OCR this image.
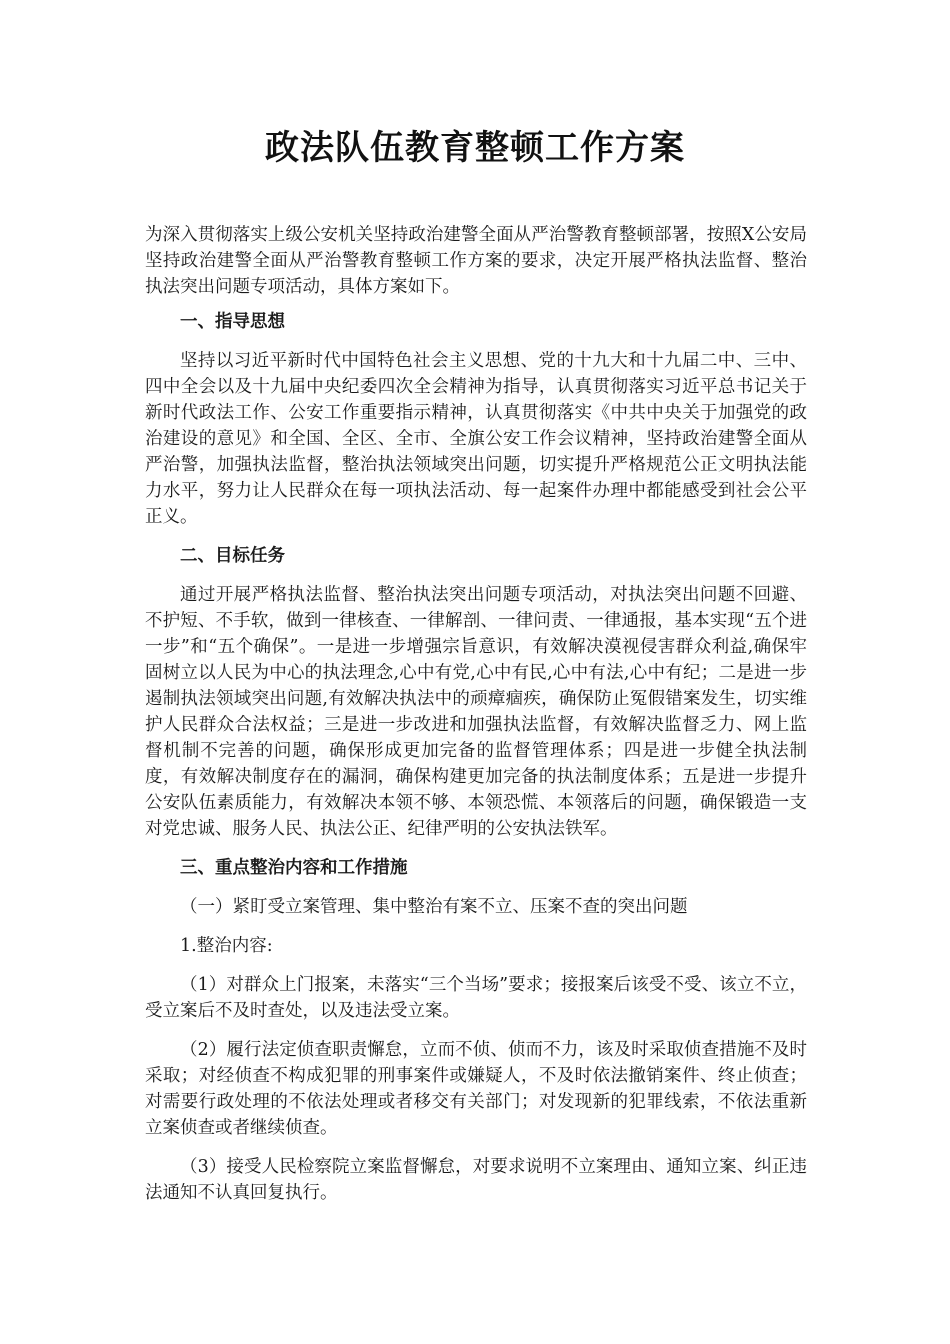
政法队伍教育整顿工作方案

为深入贯彻落实上级公安机关坚持政治建警全面从严治警教育整顿部署，按照X公安局坚持政治建警全面从严治警教育整顿工作方案的要求，决定开展严格执法监督、整治执法突出问题专项活动，具体方案如下。

一、指导思想

坚持以习近平新时代中国特色社会主义思想、党的十九大和十九届二中、三中、四中全会以及十九届中央纪委四次全会精神为指导，认真贯彻落实习近平总书记关于新时代政法工作、公安工作重要指示精神，认真贯彻落实《中共中央关于加强党的政治建设的意见》和全国、全区、全市、全旗公安工作会议精神，坚持政治建警全面从严治警，加强执法监督，整治执法领域突出问题，切实提升严格规范公正文明执法能力水平，努力让人民群众在每一项执法活动、每一起案件办理中都能感受到社会公平正义。

二、目标任务

通过开展严格执法监督、整治执法突出问题专项活动，对执法突出问题不回避、不护短、不手软，做到一律核查、一律解剖、一律问责、一律通报，基本实现“五个进一步”和“五个确保”。一是进一步增强宗旨意识，有效解决漠视侵害群众利益,确保牢固树立以人民为中心的执法理念,心中有党,心中有民,心中有法,心中有纪；二是进一步遏制执法领域突出问题,有效解决执法中的顽瘴痼疾，确保防止冤假错案发生，切实维护人民群众合法权益；三是进一步改进和加强执法监督，有效解决监督乏力、网上监督机制不完善的问题，确保形成更加完备的监督管理体系；四是进一步健全执法制度，有效解决制度存在的漏洞，确保构建更加完备的执法制度体系；五是进一步提升公安队伍素质能力，有效解决本领不够、本领恐慌、本领落后的问题，确保锻造一支对党忠诚、服务人民、执法公正、纪律严明的公安执法铁军。

三、重点整治内容和工作措施

（一）紧盯受立案管理、集中整治有案不立、压案不查的突出问题

1.整治内容:

（1）对群众上门报案，未落实“三个当场”要求；接报案后该受不受、该立不立，受立案后不及时查处，以及违法受立案。

（2）履行法定侦查职责懈怠，立而不侦、侦而不力，该及时采取侦查措施不及时采取；对经侦查不构成犯罪的刑事案件或嫌疑人，不及时依法撤销案件、终止侦查；对需要行政处理的不依法处理或者移交有关部门；对发现新的犯罪线索，不依法重新立案侦查或者继续侦查。

（3）接受人民检察院立案监督懈怠，对要求说明不立案理由、通知立案、纠正违法通知不认真回复执行。
